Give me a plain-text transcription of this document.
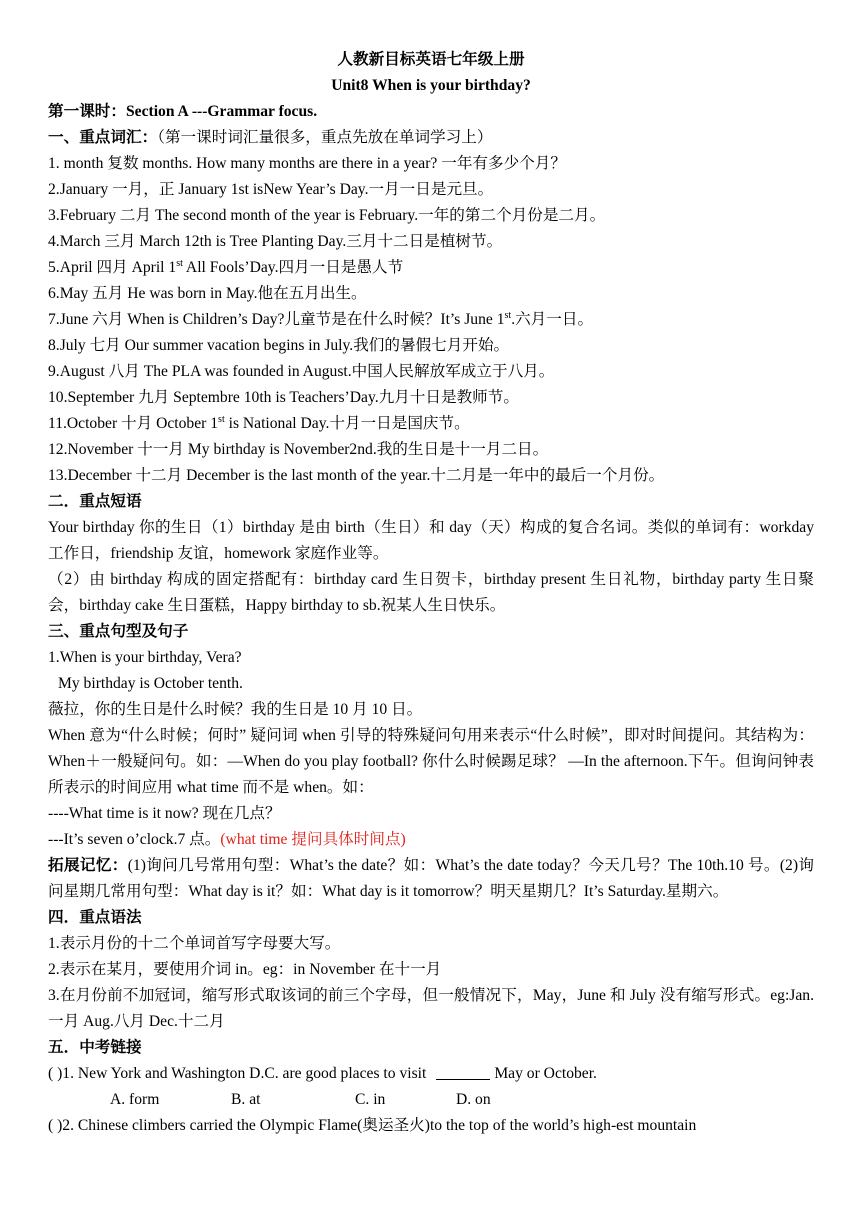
人教新目标英语七年级上册
Unit8 When is your birthday?
第一课时：Section A ---Grammar focus.
一、重点词汇：（第一课时词汇量很多，重点先放在单词学习上）
1. month 复数 months. How many months are there in a year? 一年有多少个月？
2.January 一月，正 January 1st isNew Year’s Day.一月一日是元旦。
3.February 二月 The second month of the year is February.一年的第二个月份是二月。
4.March 三月 March 12th is Tree Planting Day.三月十二日是植树节。
5.April 四月 April 1st All Fools’Day.四月一日是愚人节
6.May 五月 He was born in May.他在五月出生。
7.June 六月 When is Children’s Day?儿童节是在什么时候？It’s June 1st.六月一日。
8.July 七月 Our summer vacation begins in July.我们的暑假七月开始。
9.August 八月 The PLA was founded in August.中国人民解放军成立于八月。
10.September 九月 Septembre 10th is Teachers’Day.九月十日是教师节。
11.October 十月 October 1st is National Day.十月一日是国庆节。
12.November 十一月 My birthday is November2nd.我的生日是十一月二日。
13.December 十二月 December is the last month of the year.十二月是一年中的最后一个月份。
二．重点短语
Your birthday 你的生日（1）birthday 是由 birth（生日）和 day（天）构成的复合名词。类似的单词有：workday 工作日，friendship 友谊，homework 家庭作业等。
（2）由 birthday 构成的固定搭配有：birthday card 生日贺卡，birthday present 生日礼物，birthday party 生日聚会，birthday cake 生日蛋糕，Happy birthday to sb.祝某人生日快乐。
三、重点句型及句子
1.When is your birthday, Vera?
My birthday is October tenth.
薇拉，你的生日是什么时候？我的生日是 10 月 10 日。
When 意为“什么时候；何时” 疑问词 when 引导的特殊疑问句用来表示“什么时候”，即对时间提问。其结构为： When＋一般疑问句。如：—When do you play football? 你什么时候踢足球？ —In the afternoon.下午。但询问钟表所表示的时间应用 what time 而不是 when。如：
----What time is it now? 现在几点？
---It’s seven o’clock.7 点。(what time 提问具体时间点)
拓展记忆：(1)询问几号常用句型：What’s the date？如：What’s the date today？今天几号？The 10th.10 号。(2)询问星期几常用句型：What day is it？如：What day is it tomorrow？明天星期几？It’s Saturday.星期六。
四．重点语法
1.表示月份的十二个单词首写字母要大写。
2.表示在某月，要使用介词 in。eg：in November 在十一月
3.在月份前不加冠词，缩写形式取该词的前三个字母，但一般情况下，May，June 和 July 没有缩写形式。eg:Jan.一月 Aug.八月 Dec.十二月
五．中考链接
( )1. New York and Washington D.C. are good places to visit	May or October.
A. form	B. at	C. in	D. on
( )2. Chinese climbers carried the Olympic Flame(奥运圣火)to the top of the world’s high-est mountain
